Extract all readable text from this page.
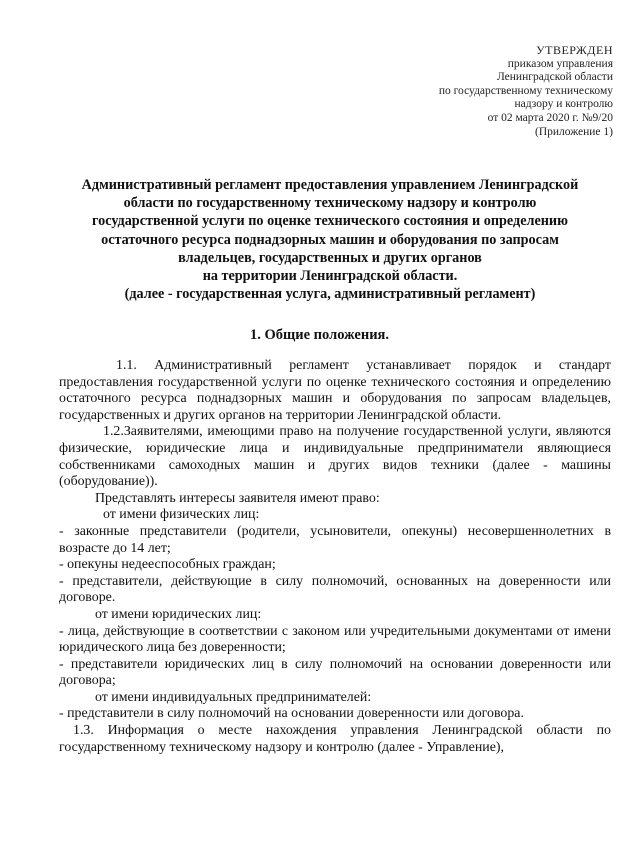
УТВЕРЖДЕН
приказом управления
Ленинградской области
по государственному техническому
надзору и контролю
от 02 марта 2020 г. №9/20
(Приложение 1)
Административный регламент предоставления управлением Ленинградской
области по государственному техническому надзору и контролю
государственной услуги по оценке технического состояния и определению
остаточного ресурса поднадзорных машин и оборудования по запросам
владельцев, государственных и других органов
на территории Ленинградской области.
(далее - государственная услуга, административный регламент)
1. Общие положения.

1.1. Административный регламент устанавливает порядок и стандарт предоставления государственной услуги по оценке технического состояния и определению остаточного ресурса поднадзорных машин и оборудования по запросам владельцев, государственных и других органов на территории Ленинградской области.

1.2.Заявителями, имеющими право на получение государственной услуги, являются физические, юридические лица и индивидуальные предприниматели являющиеся собственниками самоходных машин и других видов техники (далее - машины (оборудование)).

Представлять интересы заявителя имеют право:

от имени физических лиц:

- законные представители (родители, усыновители, опекуны) несовершеннолетних в возрасте до 14 лет;

- опекуны недееспособных граждан;

- представители, действующие в силу полномочий, основанных на доверенности или договоре.

от имени юридических лиц:

- лица, действующие в соответствии с законом или учредительными документами от имени юридического лица без доверенности;

- представители юридических лиц в силу полномочий на основании доверенности или договора;

от имени индивидуальных предпринимателей:

- представители в силу полномочий на основании доверенности или договора.

1.3. Информация о месте нахождения управления Ленинградской области по государственному техническому надзору и контролю (далее - Управление),
